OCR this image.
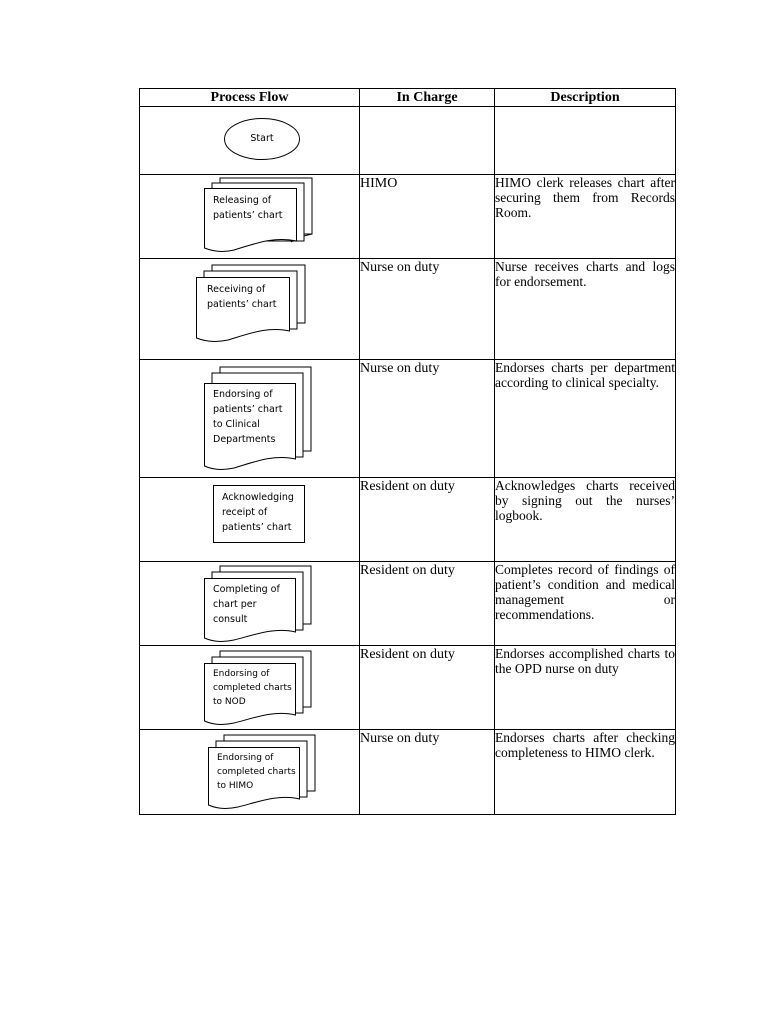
Process Flow	In Charge	Description

Start		

Releasing of
patients’ chart	HIMO	HIMO clerk releases chart after securing them from Records Room.

Receiving of
patients’ chart	Nurse on duty	Nurse receives charts and logs for endorsement.

Endorsing of
patients’ chart
to Clinical
Departments	Nurse on duty	Endorses charts per department according to clinical specialty.

Acknowledging
receipt of
patients’ chart	Resident on duty	Acknowledges charts received by signing out the nurses’ logbook.

Completing of
chart per
consult	Resident on duty	Completes record of findings of patient’s condition and medical management or recommendations.

Endorsing of
completed charts
to NOD	Resident on duty	Endorses accomplished charts to the OPD nurse on duty

Endorsing of
completed charts
to HIMO	Nurse on duty	Endorses charts after checking completeness to HIMO clerk.
